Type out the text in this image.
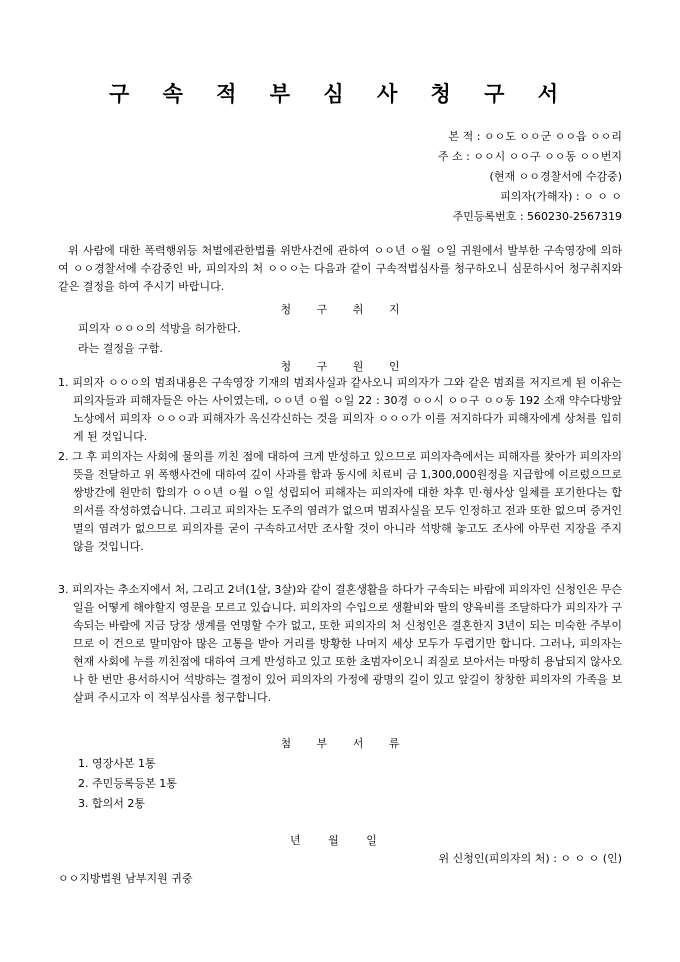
구 속 적 부 심 사 청 구 서
본 적 : ㅇㅇ도 ㅇㅇ군 ㅇㅇ읍 ㅇㅇ리
주 소 : ㅇㅇ시 ㅇㅇ구 ㅇㅇ동 ㅇㅇ번지
(현재 ㅇㅇ경찰서에 수감중)
피의자(가해자) : ㅇ ㅇ ㅇ
주민등록번호 : 560230-2567319

위 사람에 대한 폭력행위등 처벌에관한법률 위반사건에 관하여 ㅇㅇ년 ㅇ월 ㅇ일 귀원에서 발부한 구속영장에 의하여 ㅇㅇ경찰서에 수감중인 바, 피의자의 처 ㅇㅇㅇ는 다음과 같이 구속적법심사를 청구하오니 심문하시어 청구취지와 같은 결정을 하여 주시기 바랍니다.

청 구 취 지
피의자 ㅇㅇㅇ의 석방을 허가한다.
라는 결정을 구함.
청 구 원 인

1. 피의자 ㅇㅇㅇ의 범죄내용은 구속영장 기재의 범죄사실과 같사오니 피의자가 그와 같은 범죄를 저지르게 된 이유는 피의자들과 피해자들은 아는 사이였는데, ㅇㅇ년 ㅇ월 ㅇ일 22 : 30경 ㅇㅇ시 ㅇㅇ구 ㅇㅇ동 192 소재 약수다방앞 노상에서 피의자 ㅇㅇㅇ과 피해자가 옥신각신하는 것을 피의자 ㅇㅇㅇ가 이를 저지하다가 피해자에게 상처를 입히게 된 것입니다.

2. 그 후 피의자는 사회에 물의를 끼친 점에 대하여 크게 반성하고 있으므로 피의자측에서는 피해자를 찾아가 피의자의 뜻을 전달하고 위 폭행사건에 대하여 깊이 사과를 함과 동시에 치료비 금 1,300,000원정을 지급함에 이르렀으므로 쌍방간에 원만히 합의가 ㅇㅇ년 ㅇ월 ㅇ일 성립되어 피해자는 피의자에 대한 차후 민·형사상 일체를 포기한다는 합의서를 작성하였습니다. 그리고 피의자는 도주의 염려가 없으며 범죄사실을 모두 인정하고 전과 또한 없으며 증거인멸의 염려가 없으므로 피의자를 굳이 구속하고서만 조사할 것이 아니라 석방해 놓고도 조사에 아무런 지장을 주지 않을 것입니다.

3. 피의자는 추소지에서 처, 그리고 2녀(1살, 3살)와 같이 결혼생활을 하다가 구속되는 바람에 피의자인 신청인은 무슨 일을 어떻게 해야할지 영문을 모르고 있습니다. 피의자의 수입으로 생활비와 딸의 양육비를 조달하다가 피의자가 구속되는 바람에 지금 당장 생계를 연명할 수가 없고, 또한 피의자의 처 신청인은 결혼한지 3년이 되는 미숙한 주부이므로 이 건으로 말미암아 많은 고통을 받아 거리를 방황한 나머지 세상 모두가 두렵기만 합니다. 그러나, 피의자는 현재 사회에 누를 끼친점에 대하여 크게 반성하고 있고 또한 초범자이오니 죄질로 보아서는 마땅히 용납되지 않사오나 한 번만 용서하시어 석방하는 결정이 있어 피의자의 가정에 광명의 길이 있고 앞길이 창창한 피의자의 가족을 보살펴 주시고자 이 적부심사를 청구합니다.

첨 부 서 류
1. 영장사본 1통
2. 주민등록등본 1통
3. 합의서 2통
년 월 일
위 신청인(피의자의 처) : ㅇ ㅇ ㅇ (인)
ㅇㅇ지방법원 남부지원 귀중
